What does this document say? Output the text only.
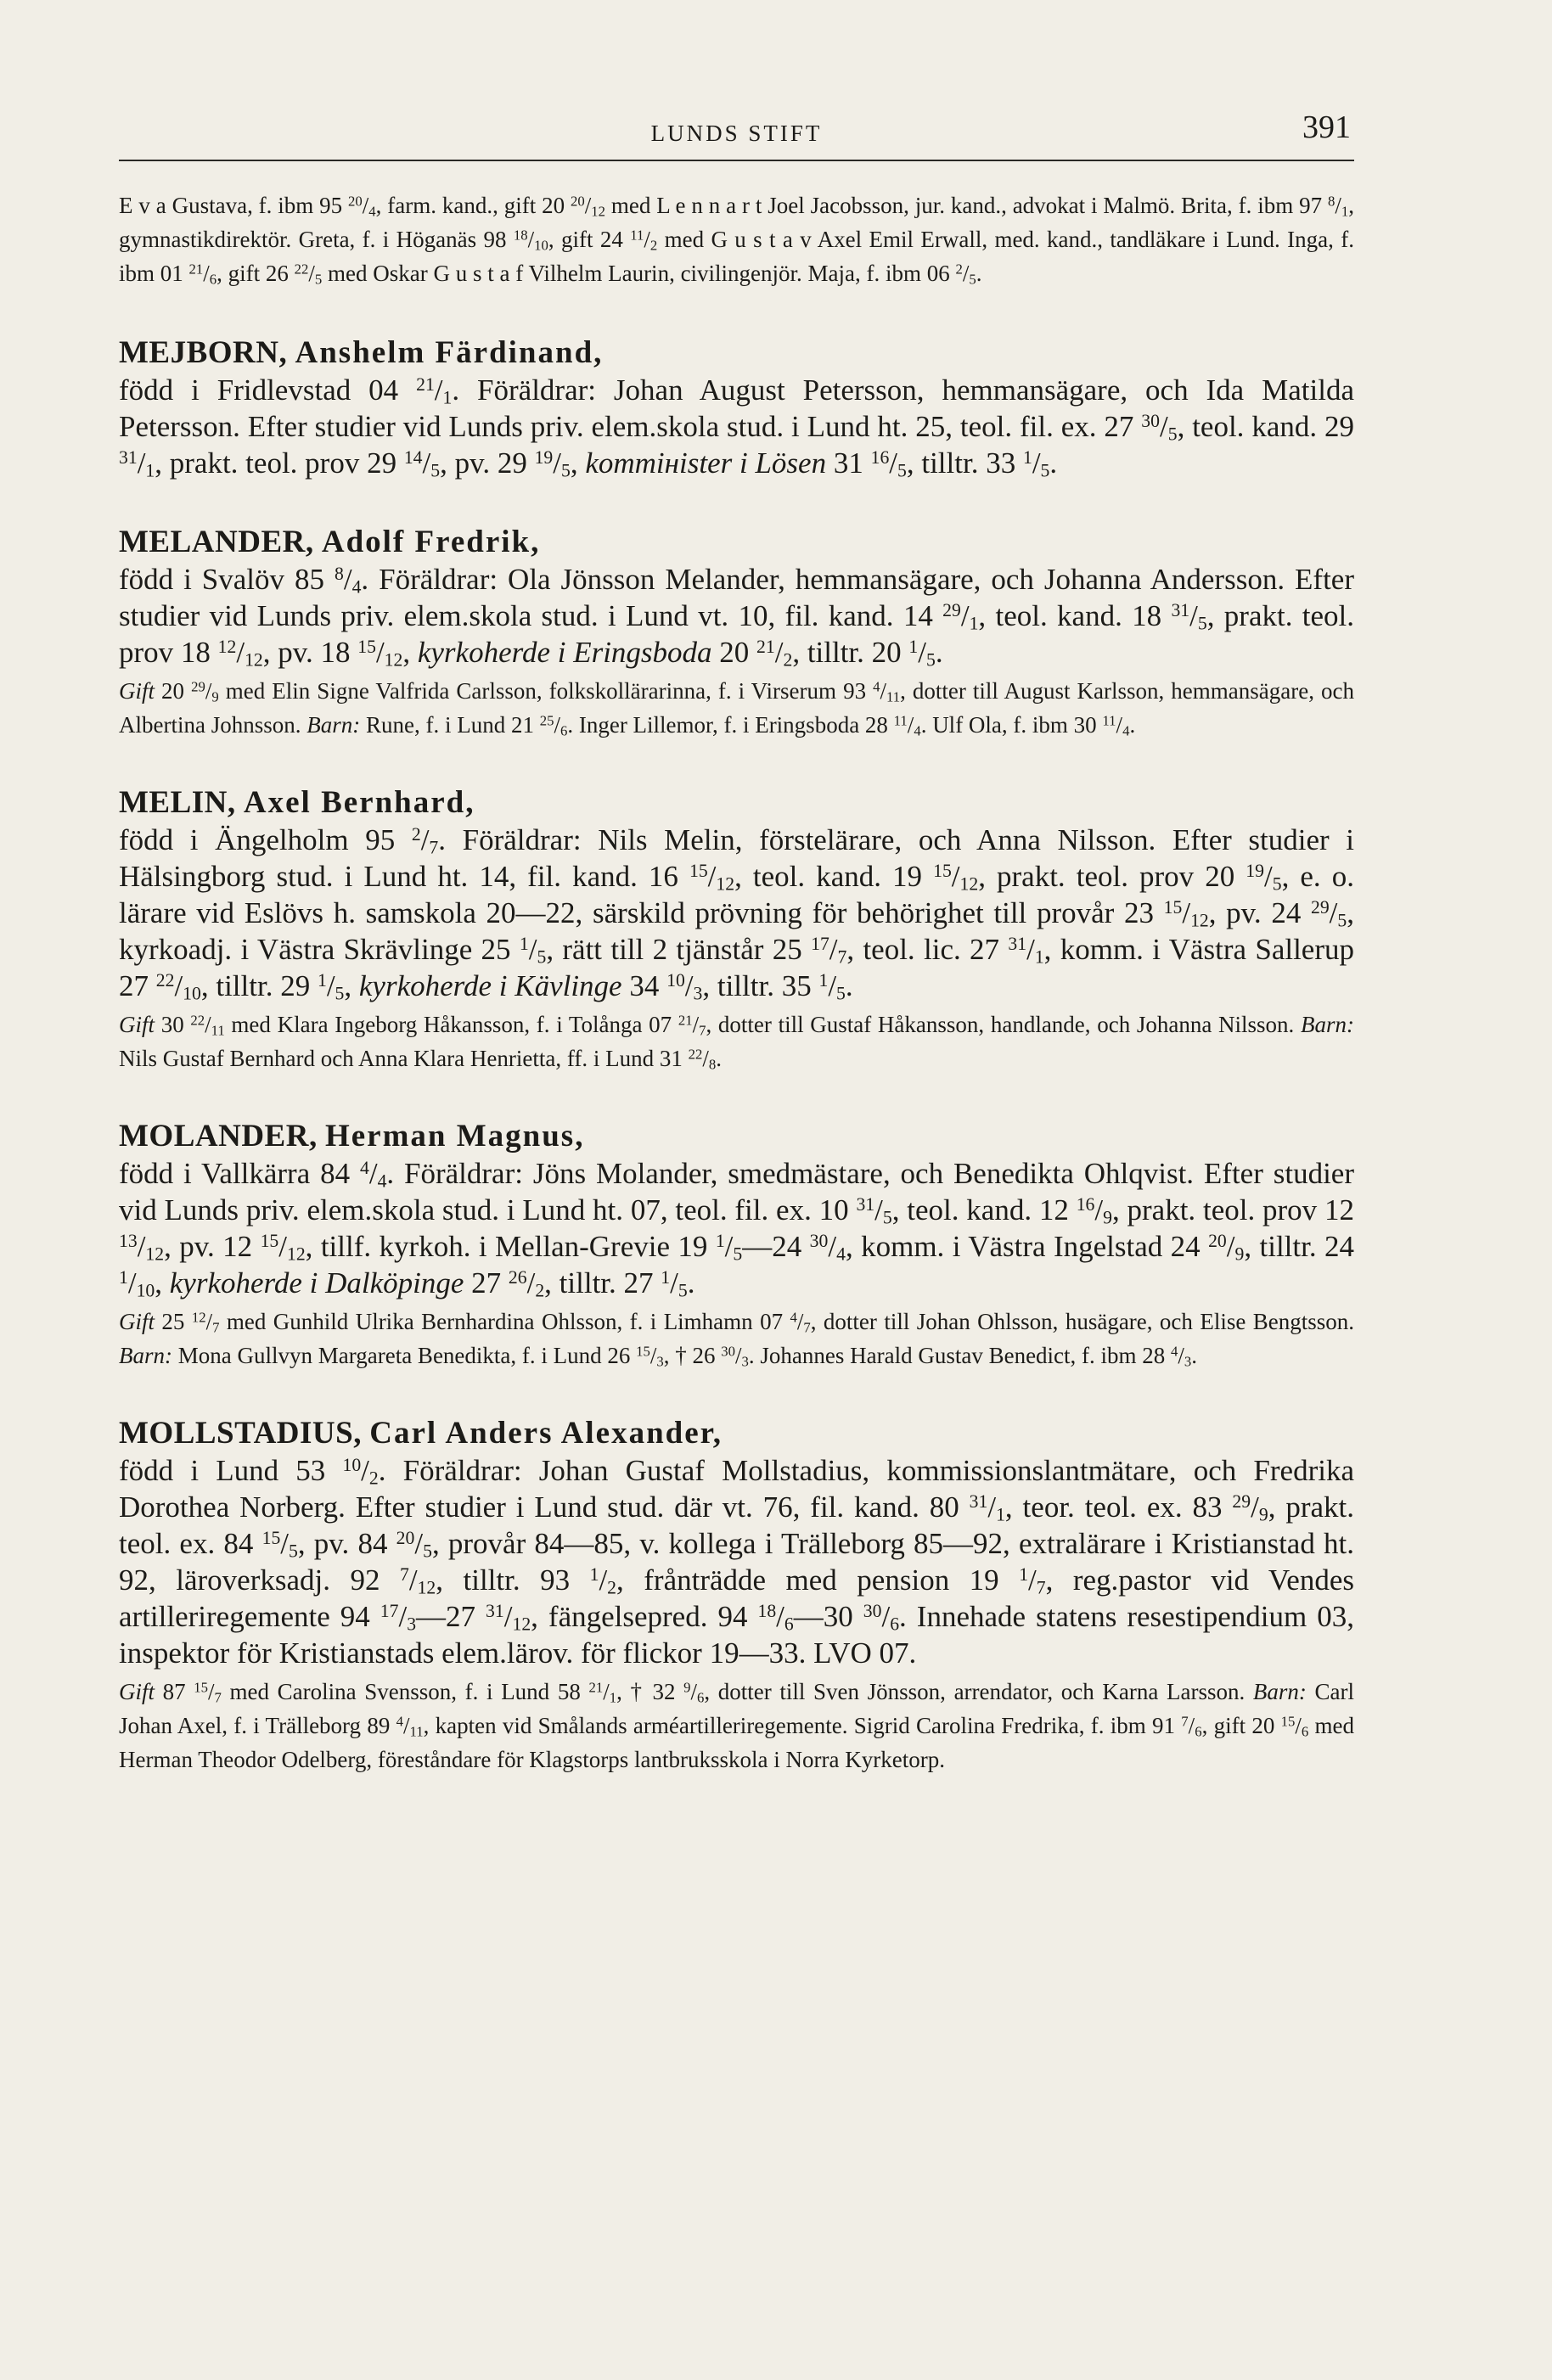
LUNDS STIFT	391

E v a Gustava, f. ibm 95 $^{20}/_4$, farm. kand., gift 20 $^{20}/_{12}$ med L e n n a r t Joel Jacobsson, jur. kand., advokat i Malmö. Brita, f. ibm 97 $^8/_1$, gymnastikdirektör. Greta, f. i Höganäs 98 $^{18}/_{10}$, gift 24 $^{11}/_2$ med G u s t a v Axel Emil Erwall, med. kand., tandläkare i Lund. Inga, f. ibm 01 $^{21}/_6$, gift 26 $^{22}/_5$ med Oskar G u s t a f Vilhelm Laurin, civilingenjör. Maja, f. ibm 06 $^2/_5$.

MEJBORN, Anshelm Färdinand,

född i Fridlevstad 04 $^{21}/_1$. Föräldrar: Johan August Petersson, hemmansägare, och Ida Matilda Petersson. Efter studier vid Lunds priv. elem.skola stud. i Lund ht. 25, teol. fil. ex. 27 $^{30}/_5$, teol. kand. 29 $^{31}/_1$, prakt. teol. prov 29 $^{14}/_5$, pv. 29 $^{19}/_5$, kommінister i Lösen 31 $^{16}/_5$, tilltr. 33 $^1/_5$.

MELANDER, Adolf Fredrik,

född i Svalöv 85 $^8/_4$. Föräldrar: Ola Jönsson Melander, hemmansägare, och Johanna Andersson. Efter studier vid Lunds priv. elem.skola stud. i Lund vt. 10, fil. kand. 14 $^{29}/_1$, teol. kand. 18 $^{31}/_5$, prakt. teol. prov 18 $^{12}/_{12}$, pv. 18 $^{15}/_{12}$, kyrkoherde i Eringsboda 20 $^{21}/_2$, tilltr. 20 $^1/_5$.

Gift 20 $^{29}/_9$ med Elin Signe Valfrida Carlsson, folkskollärarinna, f. i Virserum 93 $^4/_{11}$, dotter till August Karlsson, hemmansägare, och Albertina Johnsson. Barn: Rune, f. i Lund 21 $^{25}/_6$. Inger Lillemor, f. i Eringsboda 28 $^{11}/_4$. Ulf Ola, f. ibm 30 $^{11}/_4$.

MELIN, Axel Bernhard,

född i Ängelholm 95 $^2/_7$. Föräldrar: Nils Melin, förstelärare, och Anna Nilsson. Efter studier i Hälsingborg stud. i Lund ht. 14, fil. kand. 16 $^{15}/_{12}$, teol. kand. 19 $^{15}/_{12}$, prakt. teol. prov 20 $^{19}/_5$, e. o. lärare vid Eslövs h. samskola 20—22, särskild prövning för behörighet till provår 23 $^{15}/_{12}$, pv. 24 $^{29}/_5$, kyrkoadj. i Västra Skrävlinge 25 $^1/_5$, rätt till 2 tjänstår 25 $^{17}/_7$, teol. lic. 27 $^{31}/_1$, komm. i Västra Sallerup 27 $^{22}/_{10}$, tilltr. 29 $^1/_5$, kyrkoherde i Kävlinge 34 $^{10}/_3$, tilltr. 35 $^1/_5$.

Gift 30 $^{22}/_{11}$ med Klara Ingeborg Håkansson, f. i Tolånga 07 $^{21}/_7$, dotter till Gustaf Håkansson, handlande, och Johanna Nilsson. Barn: Nils Gustaf Bernhard och Anna Klara Henrietta, ff. i Lund 31 $^{22}/_8$.

MOLANDER, Herman Magnus,

född i Vallkärra 84 $^4/_4$. Föräldrar: Jöns Molander, smedmästare, och Benedikta Ohlqvist. Efter studier vid Lunds priv. elem.skola stud. i Lund ht. 07, teol. fil. ex. 10 $^{31}/_5$, teol. kand. 12 $^{16}/_9$, prakt. teol. prov 12 $^{13}/_{12}$, pv. 12 $^{15}/_{12}$, tillf. kyrkoh. i Mellan-Grevie 19 $^1/_5—24$ $^{30}/_4$, komm. i Västra Ingelstad 24 $^{20}/_9$, tilltr. 24 $^1/_{10}$, kyrkoherde i Dalköpinge 27 $^{26}/_2$, tilltr. 27 $^1/_5$.

Gift 25 $^{12}/_7$ med Gunhild Ulrika Bernhardina Ohlsson, f. i Limhamn 07 $^4/_7$, dotter till Johan Ohlsson, husägare, och Elise Bengtsson. Barn: Mona Gullvyn Margareta Benedikta, f. i Lund 26 $^{15}/_3$, † 26 $^{30}/_3$. Johannes Harald Gustav Benedict, f. ibm 28 $^4/_3$.

MOLLSTADIUS, Carl Anders Alexander,

född i Lund 53 $^{10}/_2$. Föräldrar: Johan Gustaf Mollstadius, kommissionslantmätare, och Fredrika Dorothea Norberg. Efter studier i Lund stud. där vt. 76, fil. kand. 80 $^{31}/_1$, teor. teol. ex. 83 $^{29}/_9$, prakt. teol. ex. 84 $^{15}/_5$, pv. 84 $^{20}/_5$, provår 84—85, v. kollega i Trälleborg 85—92, extralärare i Kristianstad ht. 92, läroverksadj. 92 $^7/_{12}$, tilltr. 93 $^1/_2$, frånträdde med pension 19 $^1/_7$, reg.pastor vid Vendes artilleriregemente 94 $^{17}/_3—27$ $^{31}/_{12}$, fängelsepred. 94 $^{18}/_6—30$ $^{30}/_6$. Innehade statens resestipendium 03, inspektor för Kristianstads elem.lärov. för flickor 19—33. LVO 07.

Gift 87 $^{15}/_7$ med Carolina Svensson, f. i Lund 58 $^{21}/_1$, † 32 $^9/_6$, dotter till Sven Jönsson, arrendator, och Karna Larsson. Barn: Carl Johan Axel, f. i Trälleborg 89 $^4/_{11}$, kapten vid Smålands arméartilleriregemente. Sigrid Carolina Fredrika, f. ibm 91 $^7/_6$, gift 20 $^{15}/_6$ med Herman Theodor Odelberg, föreståndare för Klagstorps lantbruksskola i Norra Kyrketorp.
